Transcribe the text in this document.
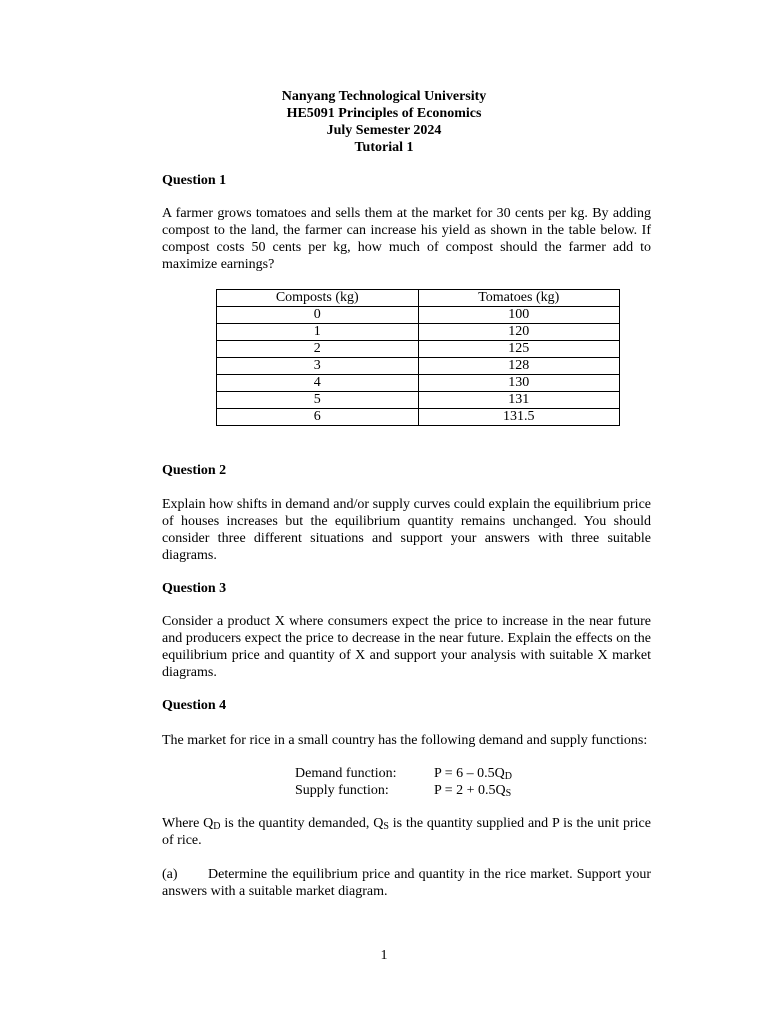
Nanyang Technological University
HE5091 Principles of Economics
July Semester 2024
Tutorial 1

Question 1

A farmer grows tomatoes and sells them at the market for 30 cents per kg. By adding compost to the land, the farmer can increase his yield as shown in the table below. If compost costs 50 cents per kg, how much of compost should the farmer add to maximize earnings?

Composts (kg)	Tomatoes (kg)
0	100
1	120
2	125
3	128
4	130
5	131
6	131.5

Question 2

Explain how shifts in demand and/or supply curves could explain the equilibrium price of houses increases but the equilibrium quantity remains unchanged. You should consider three different situations and support your answers with three suitable diagrams.

Question 3

Consider a product X where consumers expect the price to increase in the near future and producers expect the price to decrease in the near future. Explain the effects on the equilibrium price and quantity of X and support your analysis with suitable X market diagrams.

Question 4

The market for rice in a small country has the following demand and supply functions:

Demand function:	$P = 6 - 0.5Q_D$
Supply function:	$P = 2 + 0.5Q_S$

Where $Q_D$ is the quantity demanded, $Q_S$ is the quantity supplied and P is the unit price of rice.

(a) Determine the equilibrium price and quantity in the rice market. Support your answers with a suitable market diagram.

1
